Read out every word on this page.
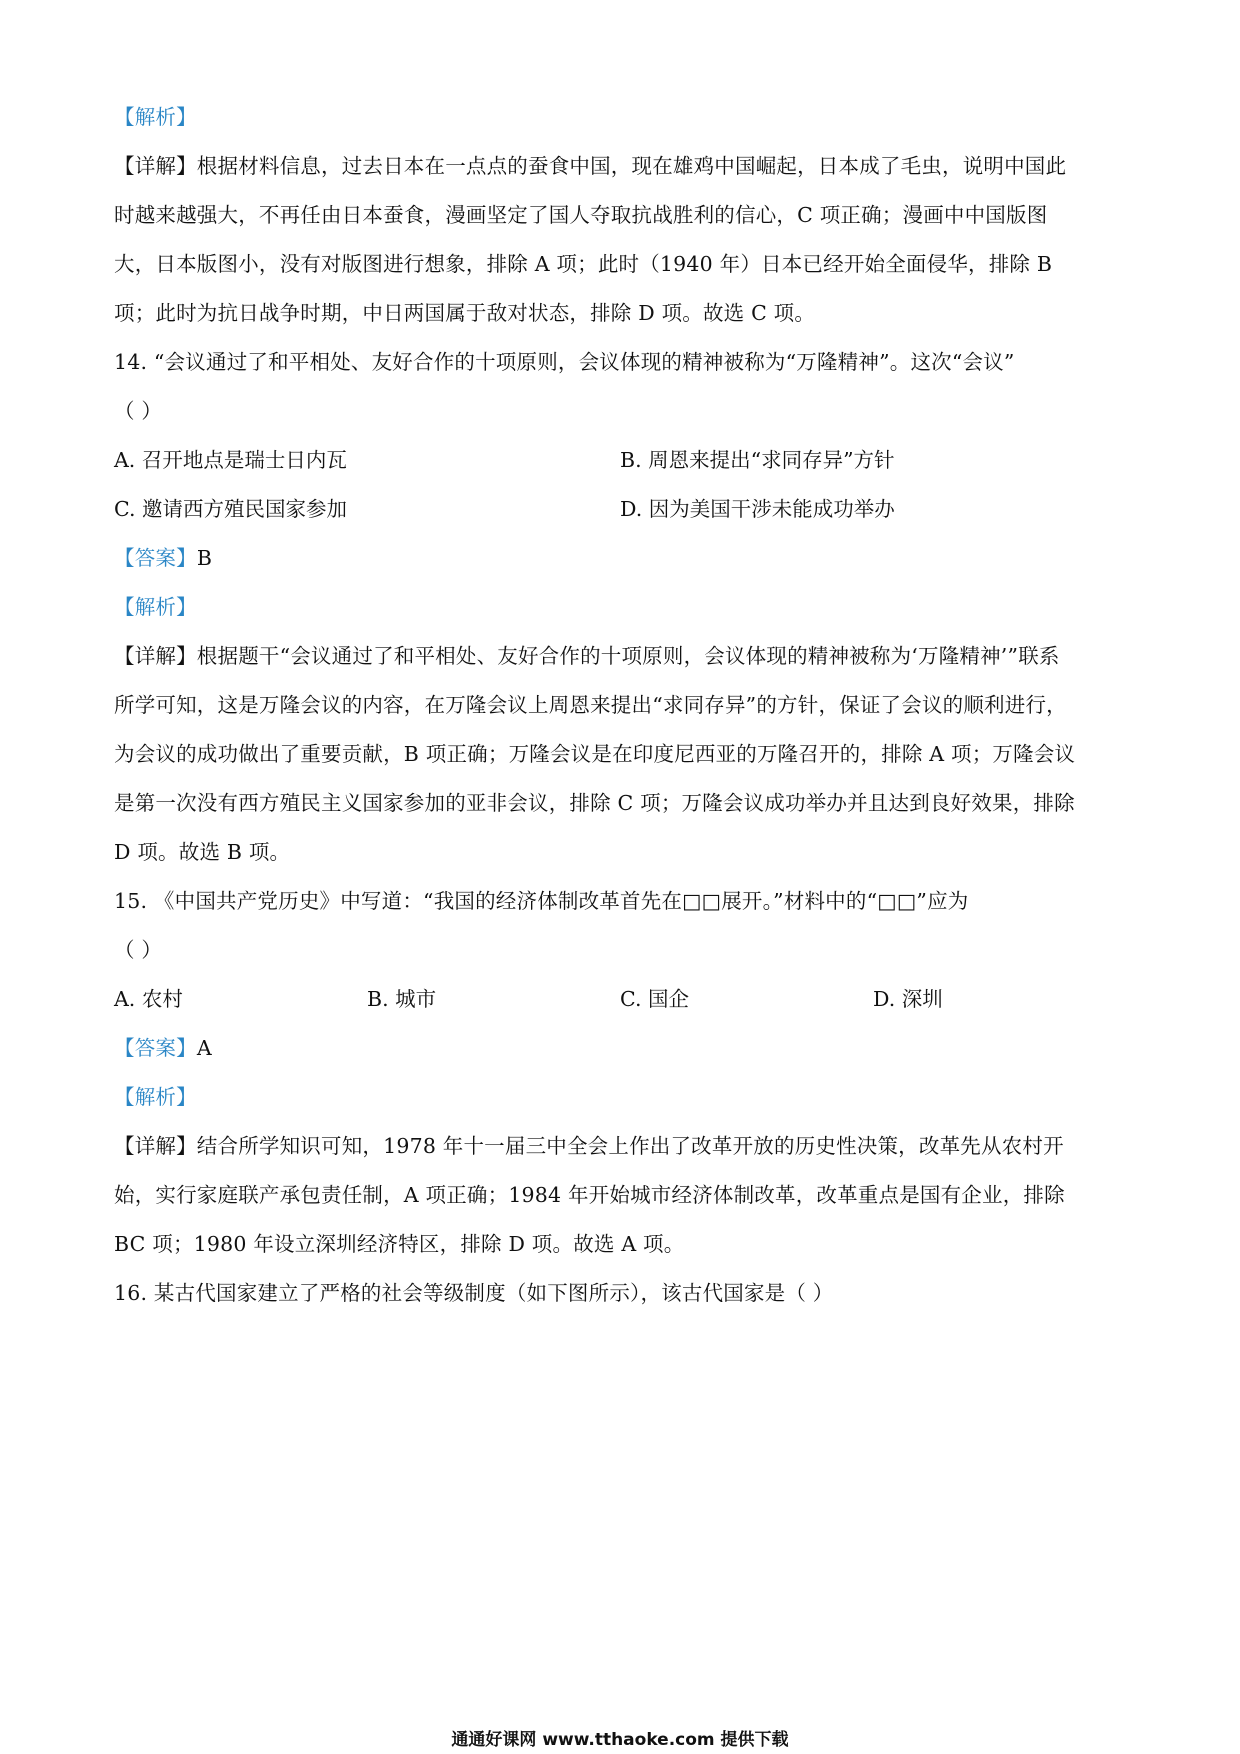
【解析】
【详解】根据材料信息，过去日本在一点点的蚕食中国，现在雄鸡中国崛起，日本成了毛虫，说明中国此
时越来越强大，不再任由日本蚕食，漫画坚定了国人夺取抗战胜利的信心，C 项正确；漫画中中国版图
大，日本版图小，没有对版图进行想象，排除 A 项；此时（1940 年）日本已经开始全面侵华，排除 B
项；此时为抗日战争时期，中日两国属于敌对状态，排除 D 项。故选 C 项。
14. “会议通过了和平相处、友好合作的十项原则，会议体现的精神被称为“万隆精神”。这次“会议”
（ ）
A. 召开地点是瑞士日内瓦	B. 周恩来提出“求同存异”方针
C. 邀请西方殖民国家参加	D. 因为美国干涉未能成功举办
【答案】B
【解析】
【详解】根据题干“会议通过了和平相处、友好合作的十项原则，会议体现的精神被称为‘万隆精神’”联系
所学可知，这是万隆会议的内容，在万隆会议上周恩来提出“求同存异”的方针，保证了会议的顺利进行，
为会议的成功做出了重要贡献，B 项正确；万隆会议是在印度尼西亚的万隆召开的，排除 A 项；万隆会议
是第一次没有西方殖民主义国家参加的亚非会议，排除 C 项；万隆会议成功举办并且达到良好效果，排除
D 项。故选 B 项。
15. 《中国共产党历史》中写道：“我国的经济体制改革首先在□□展开。”材料中的“□□”应为
（ ）
A. 农村	B. 城市	C. 国企	D. 深圳
【答案】A
【解析】
【详解】结合所学知识可知，1978 年十一届三中全会上作出了改革开放的历史性决策，改革先从农村开
始，实行家庭联产承包责任制，A 项正确；1984 年开始城市经济体制改革，改革重点是国有企业，排除
BC 项；1980 年设立深圳经济特区，排除 D 项。故选 A 项。
16. 某古代国家建立了严格的社会等级制度（如下图所示），该古代国家是（ ）
通通好课网 www.tthaoke.com 提供下载
